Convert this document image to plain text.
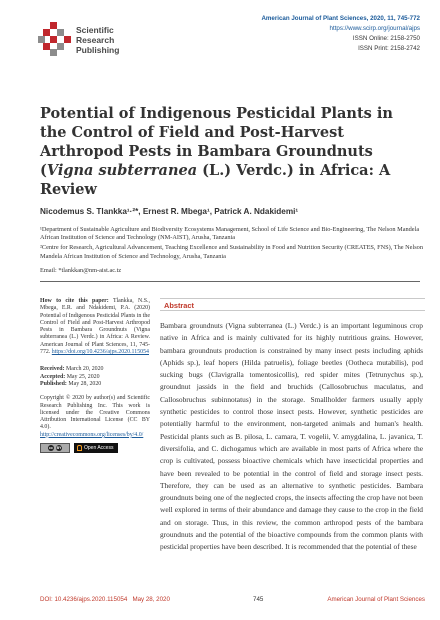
Scientific
Research
Publishing
American Journal of Plant Sciences, 2020, 11, 745-772
https://www.scirp.org/journal/ajps
ISSN Online: 2158-2750
ISSN Print: 2158-2742
Potential of Indigenous Pesticidal Plants in the Control of Field and Post-Harvest Arthropod Pests in Bambara Groundnuts (Vigna subterranea (L.) Verdc.) in Africa: A Review
Nicodemus S. Tlankka¹·²*, Ernest R. Mbega¹, Patrick A. Ndakidemi¹

¹Department of Sustainable Agriculture and Biodiversity Ecosystems Management, School of Life Science and Bio-Engineering, The Nelson Mandela African Institution of Science and Technology (NM-AIST), Arusha, Tanzania

²Centre for Research, Agricultural Advancement, Teaching Excellence and Sustainability in Food and Nutrition Security (CREATES, FNS), The Nelson Mandela African Institution of Science and Technology, Arusha, Tanzania

Email: *tlankkan@nm-aist.ac.tz
How to cite this paper: Tlankka, N.S., Mbega, E.R. and Ndakidemi, P.A. (2020) Potential of Indigenous Pesticidal Plants in the Control of Field and Post-Harvest Arthropod Pests in Bambara Groundnuts (Vigna subterranea (L.) Verdc.) in Africa: A Review. American Journal of Plant Sciences, 11, 745-772. https://doi.org/10.4236/ajps.2020.115054
Received: March 20, 2020
Accepted: May 25, 2020
Published: May 28, 2020
Copyright © 2020 by author(s) and Scientific Research Publishing Inc. This work is licensed under the Creative Commons Attribution International License (CC BY 4.0). http://creativecommons.org/licenses/by/4.0/
cc BY	Open Access
Abstract
Bambara groundnuts (Vigna subterranea (L.) Verdc.) is an important leguminous crop native in Africa and is mainly cultivated for its highly nutritious grains. However, bambara groundnuts production is constrained by many insect pests including aphids (Aphids sp.), leaf hopers (Hilda patruelis), foliage beetles (Ootheca mutabilis), pod sucking bugs (Clavigralla tomentosicollis), red spider mites (Tetrunychus sp.), groundnut jassids in the field and bruchids (Callosobruchus maculatus, and Callosobruchus subinnotatus) in the storage. Smallholder farmers usually apply synthetic pesticides to control those insect pests. However, synthetic pesticides are potentially harmful to the environment, non-targeted animals and human's health. Pesticidal plants such as B. pilosa, L. camara, T. vogelii, V. amygdalina, L. javanica, T. diversifolia, and C. dichogamus which are available in most parts of Africa where the crop is cultivated, possess bioactive chemicals which have insecticidal properties and have been revealed to be potential in the control of field and storage insect pests. Therefore, they can be used as an alternative to synthetic pesticides. Bambara groundnuts being one of the neglected crops, the insects affecting the crop have not been well explored in terms of their abundance and damage they cause to the crop in the field and on storage. Thus, in this review, the common arthropod pests of the bambara groundnuts and the potential of the bioactive compounds from the common plants with pesticidal properties have been described. It is recommended that the potential of these
DOI: 10.4236/ajps.2020.115054 May 28, 2020	745	American Journal of Plant Sciences
